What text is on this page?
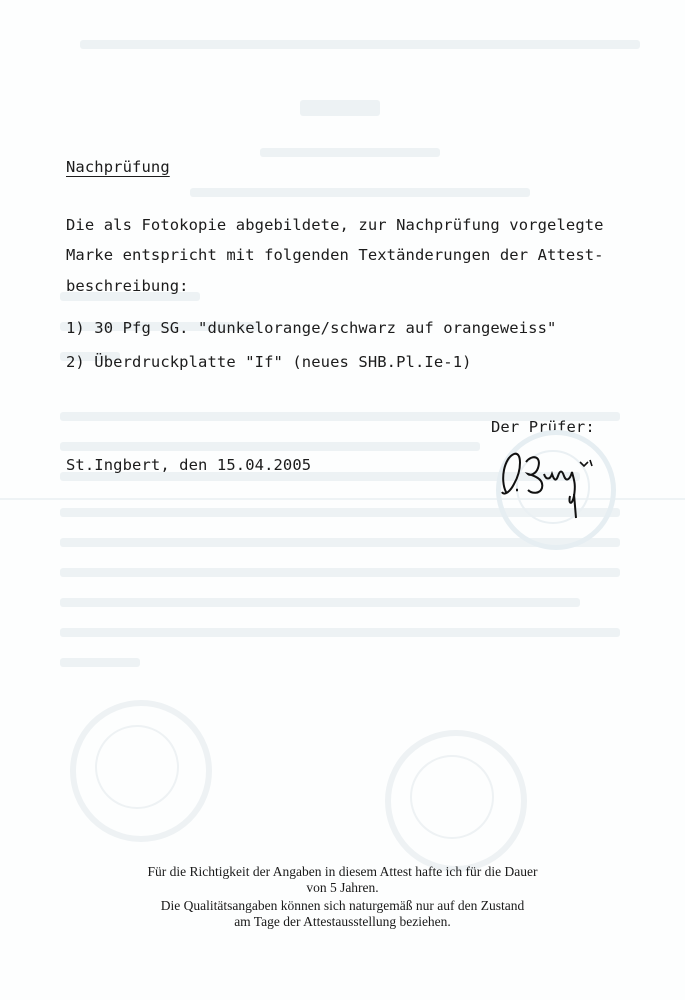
Nachprüfung
Die als Fotokopie abgebildete, zur Nachprüfung vorgelegte
Marke entspricht mit folgenden Textänderungen der Attest-
beschreibung:
1) 30 Pfg SG. "dunkelorange/schwarz auf orangeweiss"
2) Überdruckplatte "If" (neues SHB.Pl.Ie-1)
Der Prüfer:
St.Ingbert, den 15.04.2005
Für die Richtigkeit der Angaben in diesem Attest hafte ich für die Dauer
von 5 Jahren.
Die Qualitätsangaben können sich naturgemäß nur auf den Zustand
am Tage der Attestausstellung beziehen.
